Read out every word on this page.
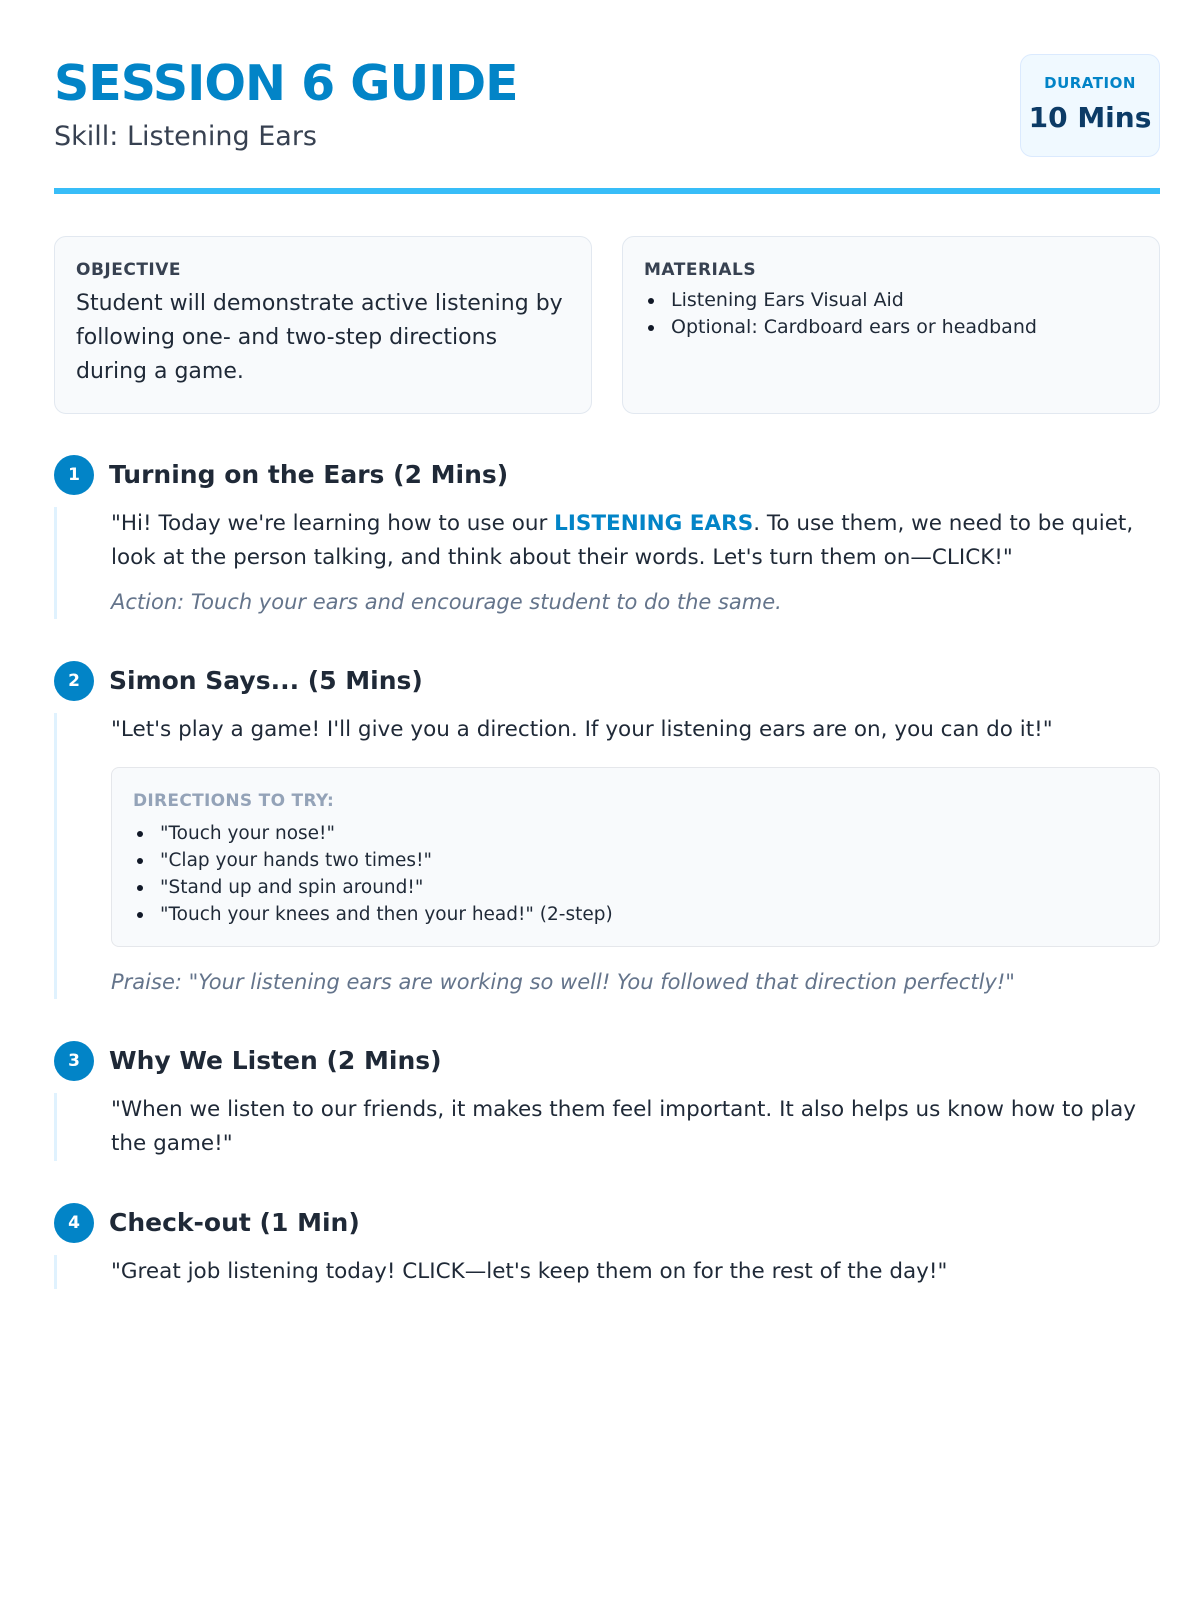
SESSION 6 GUIDE
Skill: Listening Ears
DURATION
10 Mins
OBJECTIVE
Student will demonstrate active listening by following one- and two-step directions during a game.
MATERIALS
Listening Ears Visual Aid
Optional: Cardboard ears or headband
1	Turning on the Ears (2 Mins)
"Hi! Today we're learning how to use our LISTENING EARS. To use them, we need to be quiet, look at the person talking, and think about their words. Let's turn them on—CLICK!"
Action: Touch your ears and encourage student to do the same.
2	Simon Says... (5 Mins)
"Let's play a game! I'll give you a direction. If your listening ears are on, you can do it!"
DIRECTIONS TO TRY:
"Touch your nose!"
"Clap your hands two times!"
"Stand up and spin around!"
"Touch your knees and then your head!" (2-step)
Praise: "Your listening ears are working so well! You followed that direction perfectly!"
3	Why We Listen (2 Mins)
"When we listen to our friends, it makes them feel important. It also helps us know how to play the game!"
4	Check-out (1 Min)
"Great job listening today! CLICK—let's keep them on for the rest of the day!"
